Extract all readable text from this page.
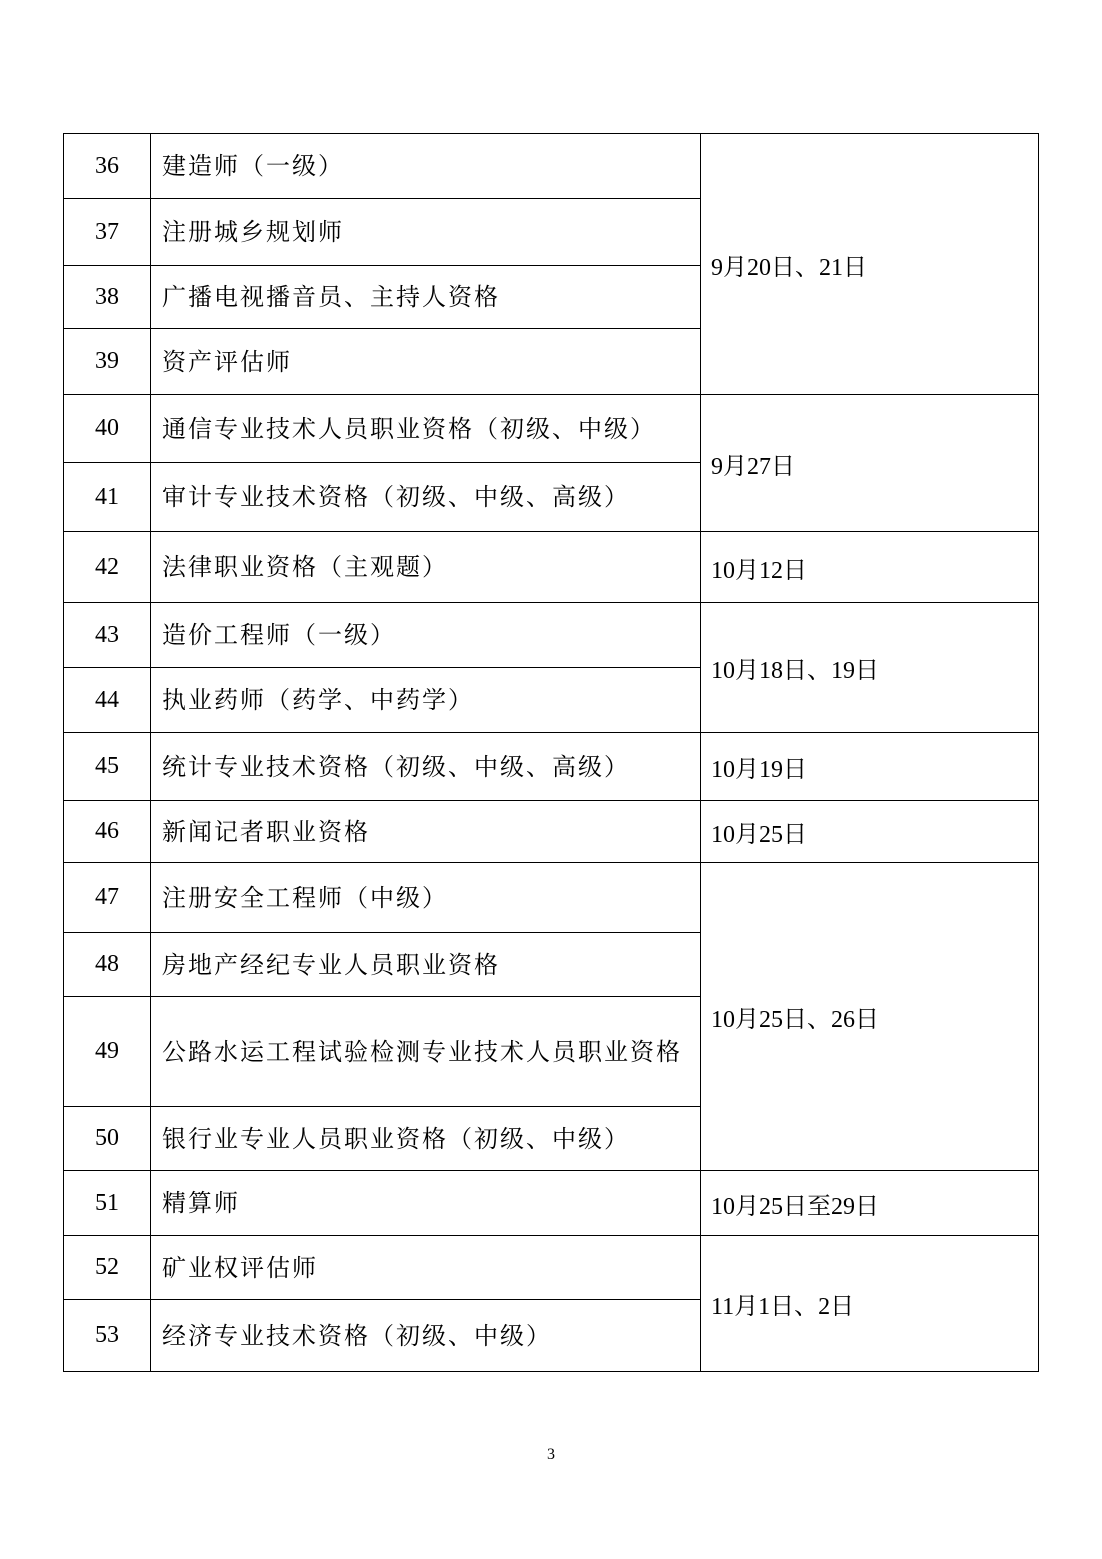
36	建造师（一级）	9月20日、21日
37	注册城乡规划师	
38	广播电视播音员、主持人资格	
39	资产评估师	
40	通信专业技术人员职业资格（初级、中级）	9月27日
41	审计专业技术资格（初级、中级、高级）	
42	法律职业资格（主观题）	10月12日
43	造价工程师（一级）	10月18日、19日
44	执业药师（药学、中药学）	
45	统计专业技术资格（初级、中级、高级）	10月19日
46	新闻记者职业资格	10月25日
47	注册安全工程师（中级）	10月25日、26日
48	房地产经纪专业人员职业资格	
49	公路水运工程试验检测专业技术人员职业资格	
50	银行业专业人员职业资格（初级、中级）	
51	精算师	10月25日至29日
52	矿业权评估师	11月1日、2日
53	经济专业技术资格（初级、中级）	
3
